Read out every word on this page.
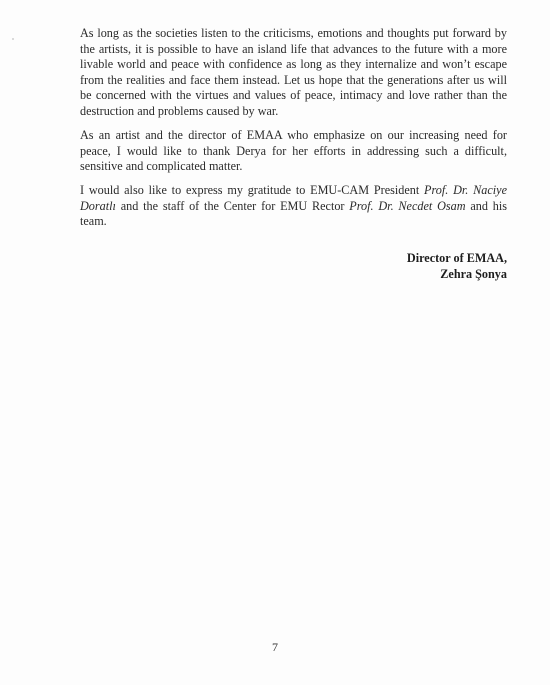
As long as the societies listen to the criticisms, emotions and thoughts put forward by the artists, it is possible to have an island life that advances to the future with a more livable world and peace with confidence as long as they internalize and won’t escape from the realities and face them instead. Let us hope that the generations after us will be concerned with the virtues and values of peace, intimacy and love rather than the destruction and problems caused by war.

As an artist and the director of EMAA who emphasize on our increasing need for peace, I would like to thank Derya for her efforts in addressing such a difficult, sensitive and complicated matter.

I would also like to express my gratitude to EMU-CAM President Prof. Dr. Naciye Doratlı and the staff of the Center for EMU Rector Prof. Dr. Necdet Osam and his team.

Director of EMAA,
Zehra Şonya
7
